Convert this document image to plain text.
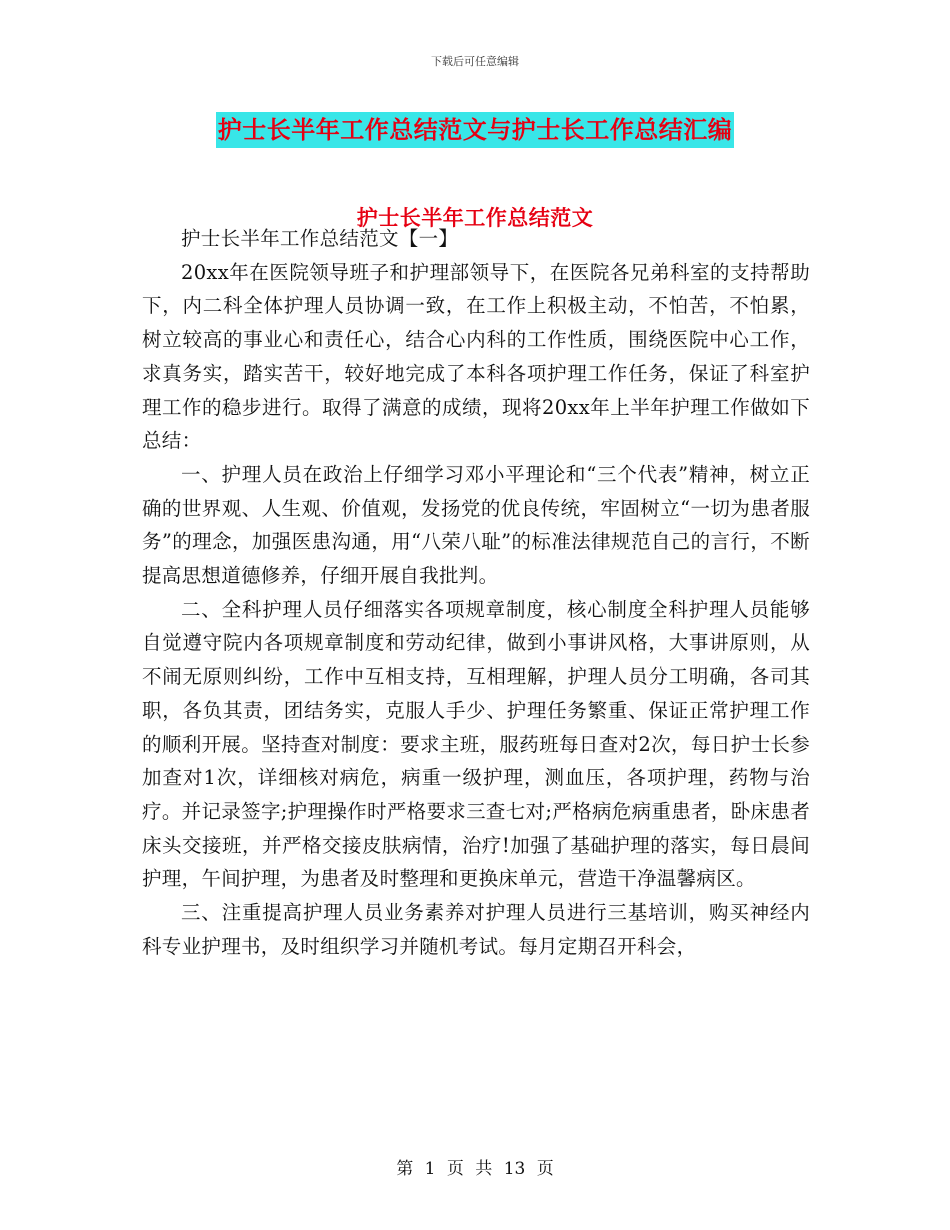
下载后可任意编辑
护士长半年工作总结范文与护士长工作总结汇编
护士长半年工作总结范文

护士长半年工作总结范文【一】

20xx年在医院领导班子和护理部领导下，在医院各兄弟科室的支持帮助下，内二科全体护理人员协调一致，在工作上积极主动，不怕苦，不怕累，树立较高的事业心和责任心，结合心内科的工作性质，围绕医院中心工作，求真务实，踏实苦干，较好地完成了本科各项护理工作任务，保证了科室护理工作的稳步进行。取得了满意的成绩，现将20xx年上半年护理工作做如下总结：

一、护理人员在政治上仔细学习邓小平理论和“三个代表”精神，树立正确的世界观、人生观、价值观，发扬党的优良传统，牢固树立“一切为患者服务”的理念，加强医患沟通，用“八荣八耻”的标准法律规范自己的言行，不断提高思想道德修养，仔细开展自我批判。

二、全科护理人员仔细落实各项规章制度，核心制度全科护理人员能够自觉遵守院内各项规章制度和劳动纪律，做到小事讲风格，大事讲原则，从不闹无原则纠纷，工作中互相支持，互相理解，护理人员分工明确，各司其职，各负其责，团结务实，克服人手少、护理任务繁重、保证正常护理工作的顺利开展。坚持查对制度：要求主班，服药班每日查对2次，每日护士长参加查对1次，详细核对病危，病重一级护理，测血压，各项护理，药物与治疗。并记录签字;护理操作时严格要求三查七对;严格病危病重患者，卧床患者床头交接班，并严格交接皮肤病情，治疗!加强了基础护理的落实，每日晨间护理，午间护理，为患者及时整理和更换床单元，营造干净温馨病区。

三、注重提高护理人员业务素养对护理人员进行三基培训，购买神经内科专业护理书，及时组织学习并随机考试。每月定期召开科会，

第 1 页 共 13 页
